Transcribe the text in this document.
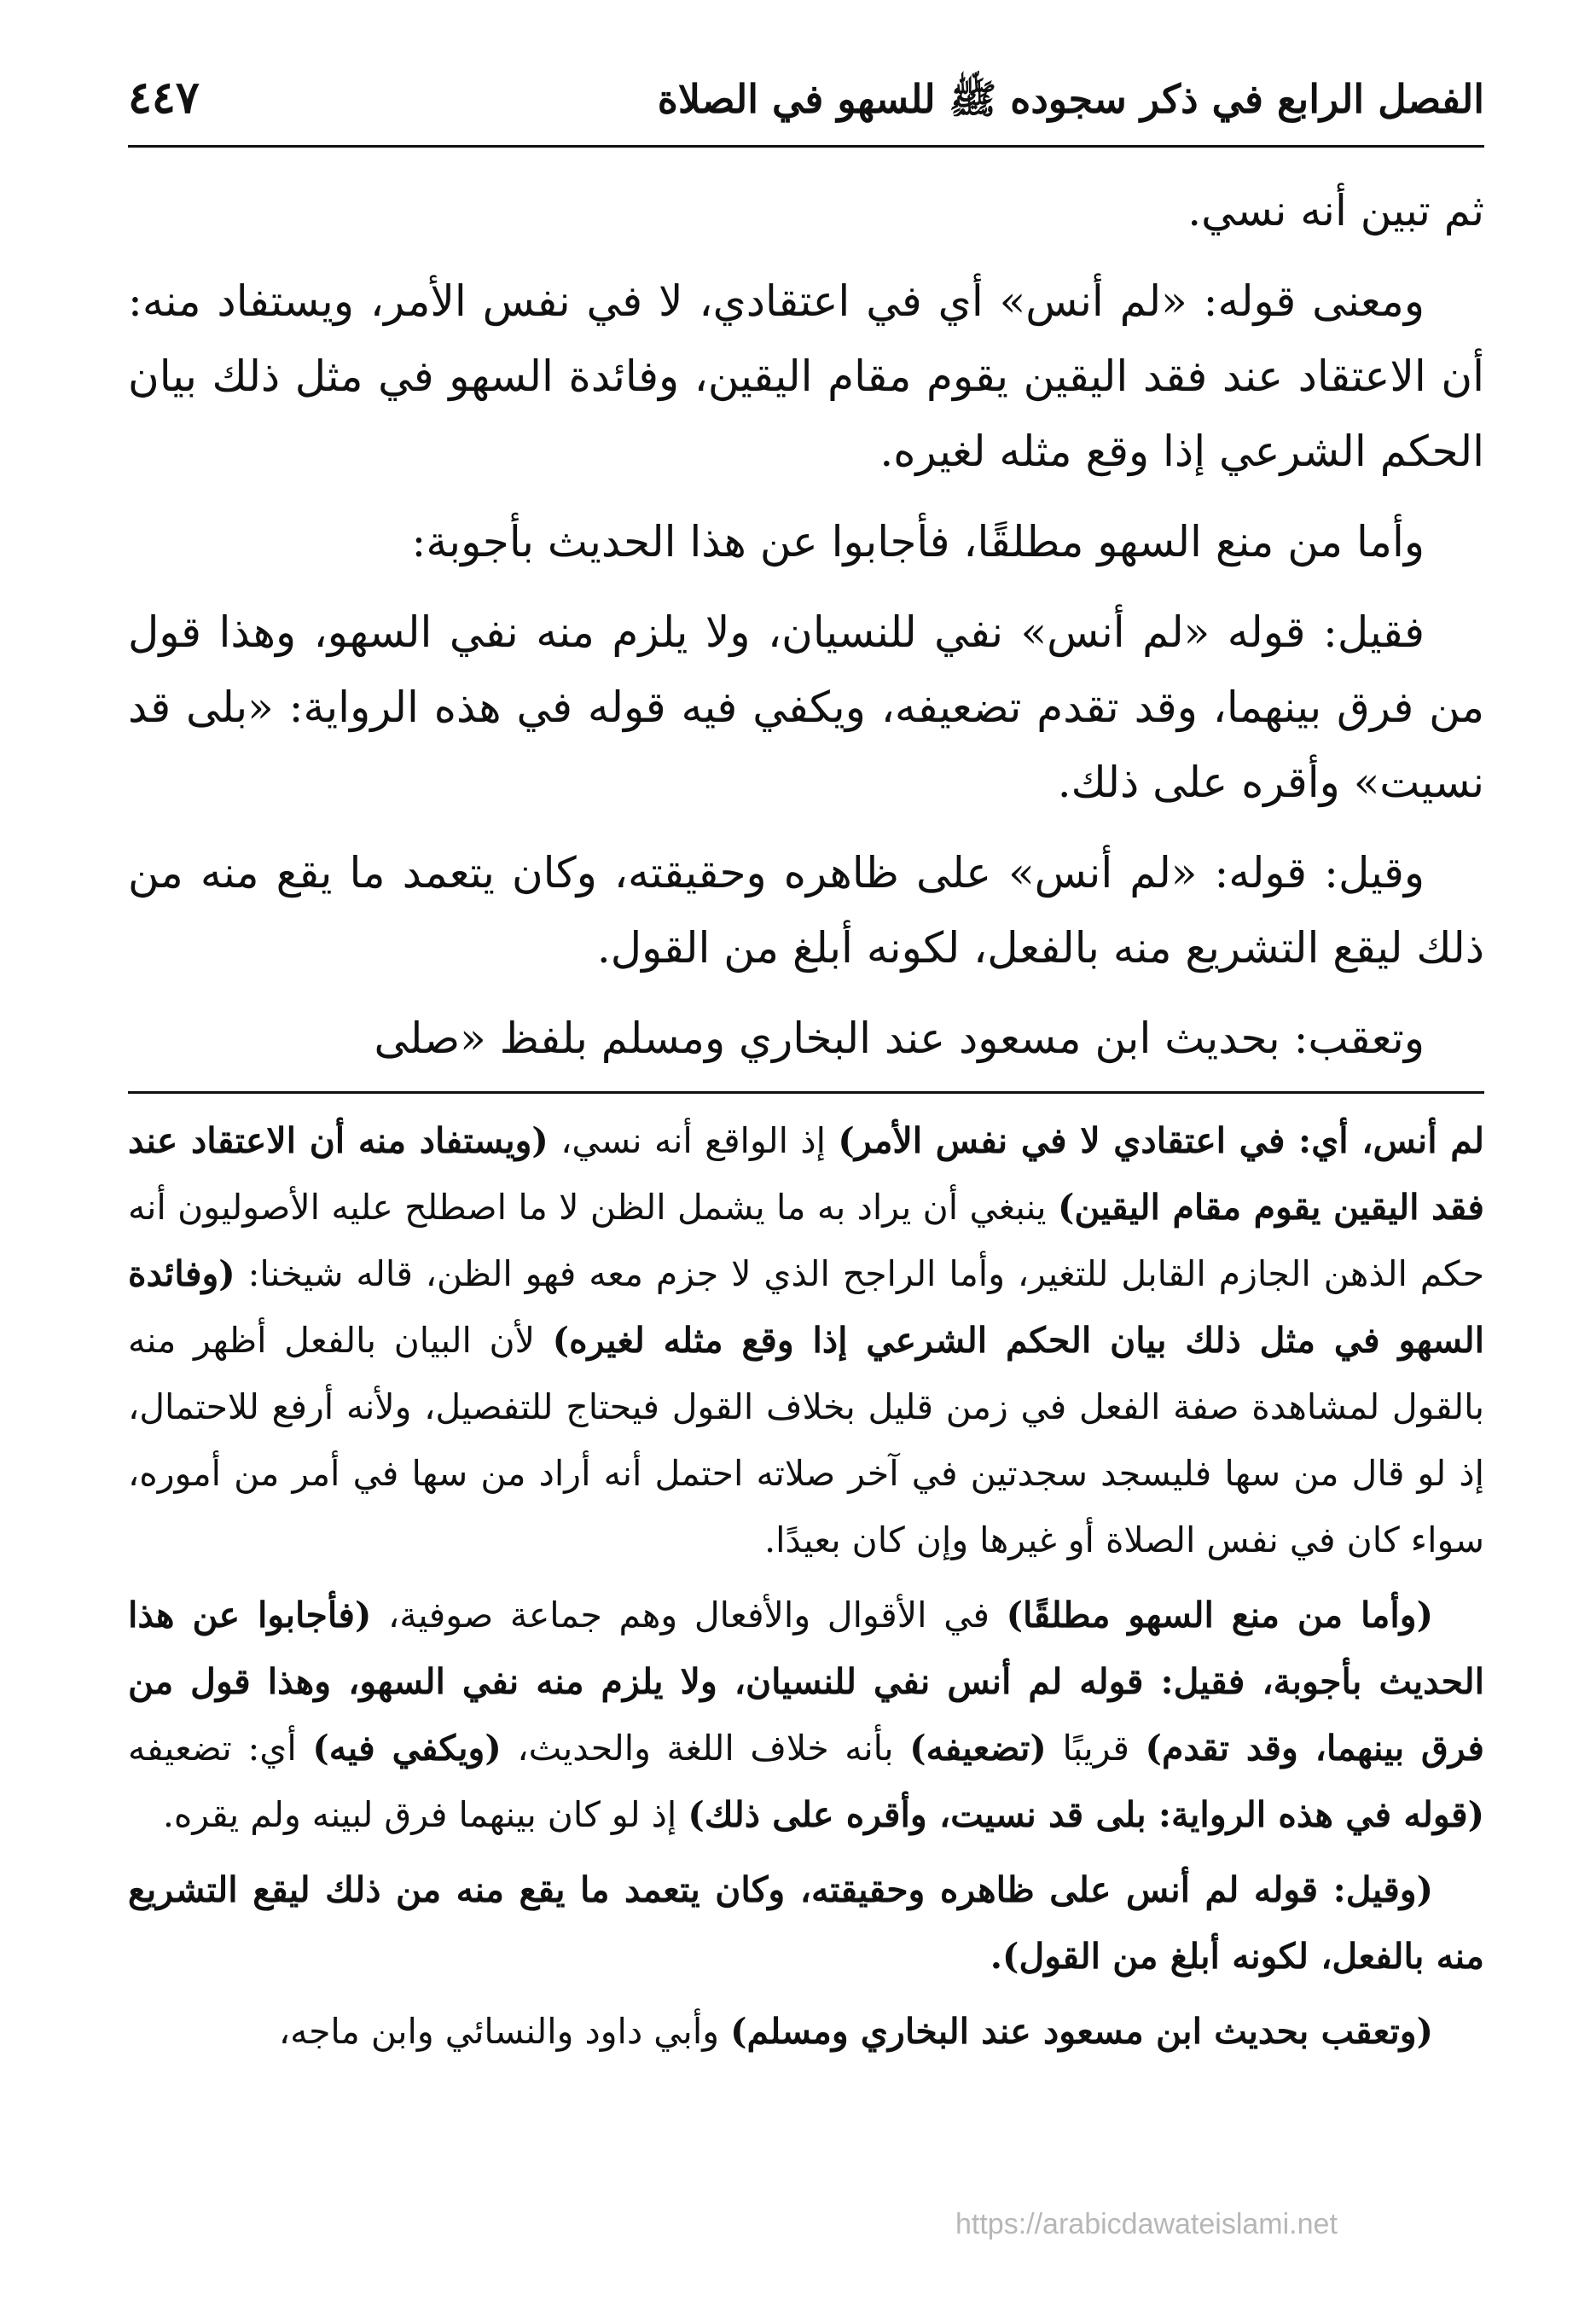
الفصل الرابع في ذكر سجوده ﷺ للسهو في الصلاة
٤٤٧

ثم تبين أنه نسي.

ومعنى قوله: «لم أنس» أي في اعتقادي، لا في نفس الأمر، ويستفاد منه: أن الاعتقاد عند فقد اليقين يقوم مقام اليقين، وفائدة السهو في مثل ذلك بيان الحكم الشرعي إذا وقع مثله لغيره.

وأما من منع السهو مطلقًا، فأجابوا عن هذا الحديث بأجوبة:

فقيل: قوله «لم أنس» نفي للنسيان، ولا يلزم منه نفي السهو، وهذا قول من فرق بينهما، وقد تقدم تضعيفه، ويكفي فيه قوله في هذه الرواية: «بلى قد نسيت» وأقره على ذلك.

وقيل: قوله: «لم أنس» على ظاهره وحقيقته، وكان يتعمد ما يقع منه من ذلك ليقع التشريع منه بالفعل، لكونه أبلغ من القول.

وتعقب: بحديث ابن مسعود عند البخاري ومسلم بلفظ «صلى

لم أنس، أي: في اعتقادي لا في نفس الأمر) إذ الواقع أنه نسي، (ويستفاد منه أن الاعتقاد عند فقد اليقين يقوم مقام اليقين) ينبغي أن يراد به ما يشمل الظن لا ما اصطلح عليه الأصوليون أنه حكم الذهن الجازم القابل للتغير، وأما الراجح الذي لا جزم معه فهو الظن، قاله شيخنا: (وفائدة السهو في مثل ذلك بيان الحكم الشرعي إذا وقع مثله لغيره) لأن البيان بالفعل أظهر منه بالقول لمشاهدة صفة الفعل في زمن قليل بخلاف القول فيحتاج للتفصيل، ولأنه أرفع للاحتمال، إذ لو قال من سها فليسجد سجدتين في آخر صلاته احتمل أنه أراد من سها في أمر من أموره، سواء كان في نفس الصلاة أو غيرها وإن كان بعيدًا.

(وأما من منع السهو مطلقًا) في الأقوال والأفعال وهم جماعة صوفية، (فأجابوا عن هذا الحديث بأجوبة، فقيل: قوله لم أنس نفي للنسيان، ولا يلزم منه نفي السهو، وهذا قول من فرق بينهما، وقد تقدم) قريبًا (تضعيفه) بأنه خلاف اللغة والحديث، (ويكفي فيه) أي: تضعيفه (قوله في هذه الرواية: بلى قد نسيت، وأقره على ذلك) إذ لو كان بينهما فرق لبينه ولم يقره.

(وقيل: قوله لم أنس على ظاهره وحقيقته، وكان يتعمد ما يقع منه من ذلك ليقع التشريع منه بالفعل، لكونه أبلغ من القول).

(وتعقب بحديث ابن مسعود عند البخاري ومسلم) وأبي داود والنسائي وابن ماجه،

https://arabicdawateislami.net
